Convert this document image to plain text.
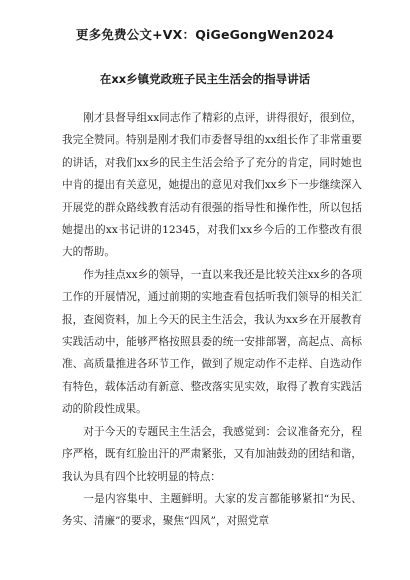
更多免费公文+VX：QiGeGongWen2024
在xx乡镇党政班子民主生活会的指导讲话

刚才县督导组xx同志作了精彩的点评，讲得很好，很到位，我完全赞同。特别是刚才我们市委督导组的xx组长作了非常重要的讲话，对我们xx乡的民主生活会给予了充分的肯定，同时她也中肯的提出有关意见，她提出的意见对我们xx乡下一步继续深入开展党的群众路线教育活动有很强的指导性和操作性，所以包括她提出的xx书记讲的12345，对我们xx乡今后的工作整改有很大的帮助。

作为挂点xx乡的领导，一直以来我还是比较关注xx乡的各项工作的开展情况，通过前期的实地查看包括听我们领导的相关汇报，查阅资料，加上今天的民主生活会，我认为xx乡在开展教育实践活动中，能够严格按照县委的统一安排部署，高起点、高标准、高质量推进各环节工作，做到了规定动作不走样、自选动作有特色，载体活动有新意、整改落实见实效，取得了教育实践活动的阶段性成果。

对于今天的专题民主生活会，我感觉到：会议准备充分，程序严格，既有红脸出汗的严肃紧张，又有加油鼓劲的团结和谐，我认为具有四个比较明显的特点：

一是内容集中、主题鲜明。大家的发言都能够紧扣“为民、务实、清廉”的要求，聚焦“四风”，对照党章
